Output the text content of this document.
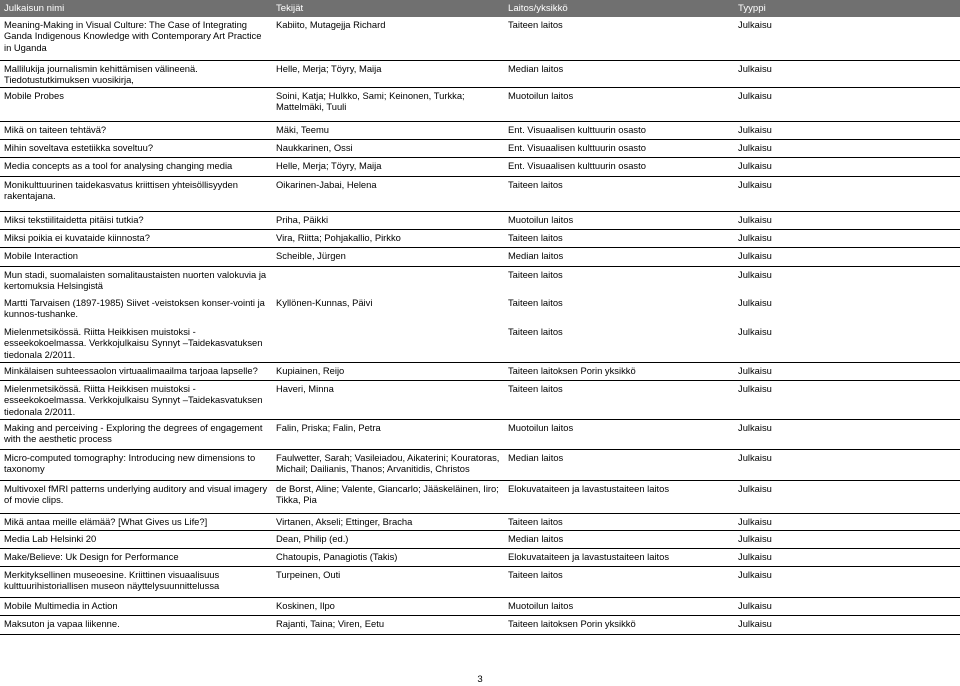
Julkaisun nimi	Tekijät	Laitos/yksikkö	Tyyppi
Meaning-Making in Visual Culture: The Case of Integrating Ganda Indigenous Knowledge with Contemporary Art Practice in Uganda	Kabiito, Mutagejja Richard	Taiteen laitos	Julkaisu
Mallilukija journalismin kehittämisen välineenä. Tiedotustutkimuksen vuosikirja,	Helle, Merja; Töyry, Maija	Median laitos	Julkaisu
Mobile Probes	Soini, Katja; Hulkko, Sami; Keinonen, Turkka; Mattelmäki, Tuuli	Muotoilun laitos	Julkaisu
Mikä on taiteen tehtävä?	Mäki, Teemu	Ent. Visuaalisen kulttuurin osasto	Julkaisu
Mihin soveltava estetiikka soveltuu?	Naukkarinen, Ossi	Ent. Visuaalisen kulttuurin osasto	Julkaisu
Media concepts as a tool for analysing changing media	Helle, Merja; Töyry, Maija	Ent. Visuaalisen kulttuurin osasto	Julkaisu
Monikulttuurinen taidekasvatus kriittisen yhteisöllisyyden rakentajana.	Oikarinen-Jabai, Helena	Taiteen laitos	Julkaisu
Miksi tekstiilitaidetta pitäisi tutkia?	Priha, Päikki	Muotoilun laitos	Julkaisu
Miksi poikia ei kuvataide kiinnosta?	Vira, Riitta; Pohjakallio, Pirkko	Taiteen laitos	Julkaisu
Mobile Interaction	Scheible, Jürgen	Median laitos	Julkaisu
Mun stadi, suomalaisten somalitaustaisten nuorten valokuvia ja kertomuksia Helsingistä		Taiteen laitos	Julkaisu
Martti Tarvaisen (1897-1985) Siivet -veistoksen konser-vointi ja kunnos-tushanke.	Kyllönen-Kunnas, Päivi	Taiteen laitos	Julkaisu
Mielenmetsikössä. Riitta Heikkisen muistoksi - esseekokoelmassa. Verkkojulkaisu Synnyt –Taidekasvatuksen tiedonala 2/2011.		Taiteen laitos	Julkaisu
Minkälaisen suhteessaolon virtuaalimaailma tarjoaa lapselle?	Kupiainen, Reijo	Taiteen laitoksen Porin yksikkö	Julkaisu
Mielenmetsikössä. Riitta Heikkisen muistoksi - esseekokoelmassa. Verkkojulkaisu Synnyt –Taidekasvatuksen tiedonala 2/2011.	Haveri, Minna	Taiteen laitos	Julkaisu
Making and perceiving - Exploring the degrees of engagement with the aesthetic process	Falin, Priska; Falin, Petra	Muotoilun laitos	Julkaisu
Micro-computed tomography: Introducing new dimensions to taxonomy	Faulwetter, Sarah; Vasileiadou, Aikaterini; Kouratoras, Michail; Dailianis, Thanos; Arvanitidis, Christos	Median laitos	Julkaisu
Multivoxel fMRI patterns underlying auditory and visual imagery of movie clips.	de Borst, Aline; Valente, Giancarlo; Jääskeläinen, Iiro; Tikka, Pia	Elokuvataiteen ja lavastustaiteen laitos	Julkaisu
Mikä antaa meille elämää? [What Gives us Life?]	Virtanen, Akseli; Ettinger, Bracha	Taiteen laitos	Julkaisu
Media Lab Helsinki 20	Dean, Philip (ed.)	Median laitos	Julkaisu
Make/Believe: Uk Design for Performance	Chatoupis, Panagiotis (Takis)	Elokuvataiteen ja lavastustaiteen laitos	Julkaisu
Merkityksellinen museoesine. Kriittinen visuaalisuus kulttuurihistoriallisen museon näyttelysuunnittelussa	Turpeinen, Outi	Taiteen laitos	Julkaisu
Mobile Multimedia in Action	Koskinen, Ilpo	Muotoilun laitos	Julkaisu
Maksuton ja vapaa liikenne.	Rajanti, Taina; Viren, Eetu	Taiteen laitoksen Porin yksikkö	Julkaisu
3
